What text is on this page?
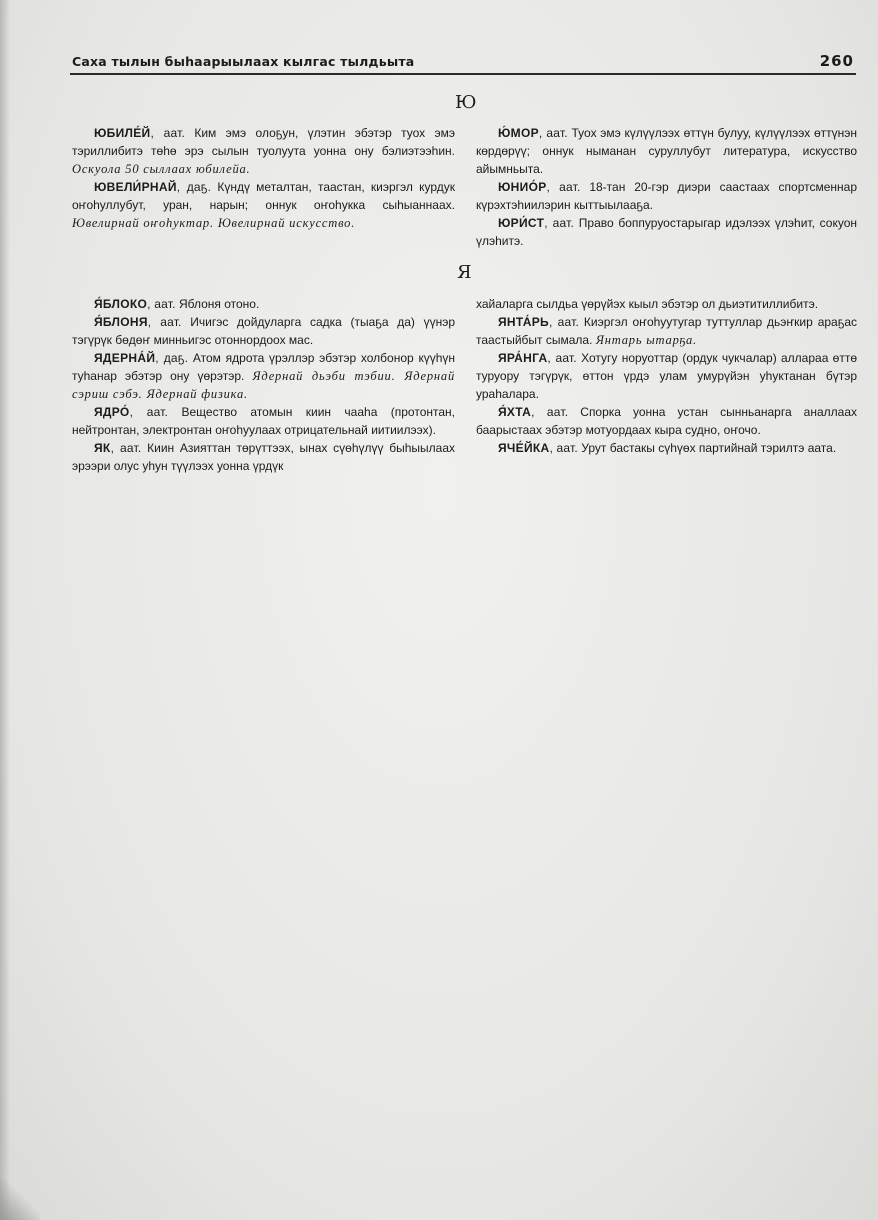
Саха тылын быhаарыылаах кылгас тылдьыта	260
Ю

ЮБИЛЕ́Й, аат. Ким эмэ олоҕун, үлэтин эбэтэр туох эмэ тэриллибитэ төһө эрэ сылын туолуута уонна ону бэлиэтээһин. Оскуола 50 сыллаах юбилейа.

ЮВЕЛИ́РНАЙ, даҕ. Күндү металтан, таастан, киэргэл курдук оҥоһуллубут, уран, нарын; оннук оҥоһукка сыһыаннаах. Ювелирнай оҥоһуктар. Ювелирнай искусство.

Ю́МОР, аат. Туох эмэ күлүүлээх өттүн булуу, күлүүлээх өттүнэн көрдөрүү; оннук ныманан суруллубут литература, искусство айымньыта.

ЮНИО́Р, аат. 18-тан 20-гэр диэри саастаах спортсменнар күрэхтэһиилэрин кыттыылааҕа.

ЮРИ́СТ, аат. Право боппуруостарыгар идэлээх үлэһит, сокуон үлэһитэ.

Я

Я́БЛОКО, аат. Яблоня отоно.

Я́БЛОНЯ, аат. Ичигэс дойдуларга садка (тыаҕа да) үүнэр тэгүрүк бөдөҥ минньигэс отоннордоох мас.

ЯДЕРНА́Й, даҕ. Атом ядрота үрэллэр эбэтэр холбонор күүһүн туһанар эбэтэр ону үөрэтэр. Ядернай дьэби тэбии. Ядернай сэриш сэбэ. Ядернай физика.

ЯДРО́, аат. Вещество атомын киин чааһа (протонтан, нейтронтан, электронтан оҥоһуулаах отрицательнай иитиилээх).

ЯК, аат. Киин Азияттан төрүттээх, ынах сүөһүлүү быһыылаах эрээри олус уһун түүлээх уонна үрдүк

хайаларга сылдьа үөрүйэх кыыл эбэтэр ол дьиэтитиллибитэ.

ЯНТА́РЬ, аат. Киэргэл оҥоһуутугар туттуллар дьэҥкир араҕас таастыйбыт сымала. Янтарь ытарҕа.

ЯРА́НГА, аат. Хотугу норуоттар (ордук чукчалар) алларaa өттө туруору тэгүрүк, өттон үрдэ улам умурүйэн уһуктанан бүтэр ураһалара.

Я́ХТА, аат. Спорка уонна устан сынньанарга аналлаах баарыстаах эбэтэр мотуордаах кыра судно, оҥочо.

ЯЧЕ́ЙКА, аат. Урут бастакы сүһүөх партийнай тэрилтэ аата.
